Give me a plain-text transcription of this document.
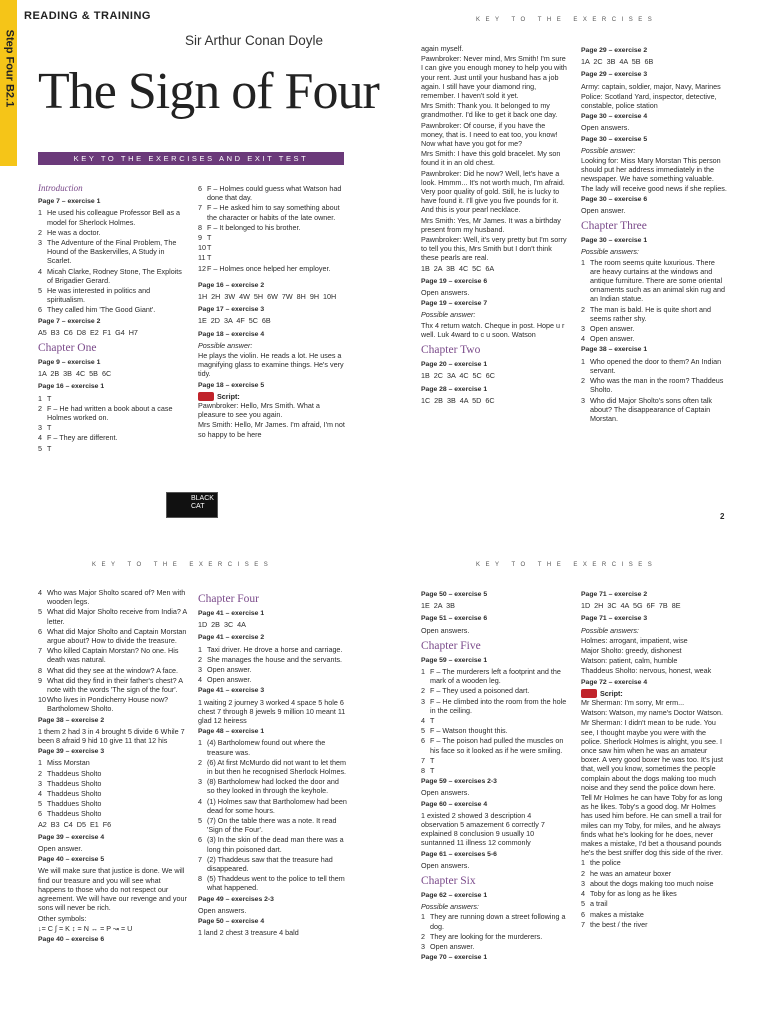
Step Four B2.1
READING & TRAINING
Sir Arthur Conan Doyle
The Sign of Four
KEY TO THE EXERCISES AND EXIT TEST
KEY TO THE EXERCISES
KEY TO THE EXERCISES	KEY TO THE EXERCISES
Introduction
Page 7 – exercise 1
1 He used his colleague Professor Bell as a model for Sherlock Holmes.
2 He was a doctor.
3 The Adventure of the Final Problem, The Hound of the Baskervilles, A Study in Scarlet.
4 Micah Clarke, Rodney Stone, The Exploits of Brigadier Gerard.
5 He was interested in politics and spiritualism.
6 They called him 'The Good Giant'.
Page 7 – exercise 2
A5 B3 C6 D8 E2 F1 G4 H7
Chapter One
Page 9 – exercise 1
1A 2B 3B 4C 5B 6C
Page 16 – exercise 1
1 T
2 F – He had written a book about a case Holmes worked on.
3 T
4 F – They are different.
5 T
6 F – Holmes could guess what Watson had done that day.
7 F – He asked him to say something about the character or habits of the late owner.
8 F – It belonged to his brother.
9 T
10 T
11 T
12 F – Holmes once helped her employer.
Page 16 – exercise 2
1H 2H 3W 4W 5H 6W 7W 8H 9H 10H
Page 17 – exercise 3
1E 2D 3A 4F 5C 6B
Page 18 – exercise 4
Possible answer:
He plays the violin. He reads a lot. He uses a magnifying glass to examine things. He's very tidy.
Page 18 – exercise 5
Script:
Pawnbroker: Hello, Mrs Smith. What a pleasure to see you again.
Mrs Smith: Hello, Mr James. I'm afraid, I'm not so happy to be here
again myself.
Pawnbroker: Never mind, Mrs Smith! I'm sure I can give you enough money to help you with your rent. Just until your husband has a job again. I still have your diamond ring, remember. I haven't sold it yet.
Mrs Smith: Thank you. It belonged to my grandmother. I'd like to get it back one day.
Pawnbroker: Of course, if you have the money, that is. I need to eat too, you know! Now what have you got for me?
Mrs Smith: I have this gold bracelet. My son found it in an old chest.
Pawnbroker: Did he now? Well, let's have a look. Hmmm... It's not worth much, I'm afraid. Very poor quality of gold. Still, he is lucky to have found it. I'll give you five pounds for it. And this is your pearl necklace.
Mrs Smith: Yes, Mr James. It was a birthday present from my husband.
Pawnbroker: Well, it's very pretty but I'm sorry to tell you this, Mrs Smith but I don't think these pearls are real.
1B 2A 3B 4C 5C 6A
Page 19 – exercise 6
Open answers.
Page 19 – exercise 7
Possible answer:
Thx 4 return watch. Cheque in post. Hope u r well. Luk 4ward to c u soon. Watson
Chapter Two
Page 20 – exercise 1
1B 2C 3A 4C 5C 6C
Page 28 – exercise 1
1C 2B 3B 4A 5D 6C
Page 29 – exercise 2
1A 2C 3B 4A 5B 6B
Page 29 – exercise 3
Army: captain, soldier, major, Navy, Marines
Police: Scotland Yard, inspector, detective, constable, police station
Page 30 – exercise 4
Open answers.
Page 30 – exercise 5
Possible answer:
Looking for: Miss Mary Morstan This person should put her address immediately in the newspaper. We have something valuable. The lady will receive good news if she replies.
Page 30 – exercise 6
Open answer.
Chapter Three
Page 30 – exercise 1
Possible answers:
1 The room seems quite luxurious. There are heavy curtains at the windows and antique furniture. There are some oriental ornaments such as an animal skin rug and an Indian statue.
2 The man is bald. He is quite short and seems rather shy.
3 Open answer.
4 Open answer.
Page 38 – exercise 1
1 Who opened the door to them? An Indian servant.
2 Who was the man in the room? Thaddeus Sholto.
3 Who did Major Sholto's sons often talk about? The disappearance of Captain Morstan.
4 Who was Major Sholto scared of? Men with wooden legs.
5 What did Major Sholto receive from India? A letter.
6 What did Major Sholto and Captain Morstan argue about? How to divide the treasure.
7 Who killed Captain Morstan? No one. His death was natural.
8 What did they see at the window? A face.
9 What did they find in their father's chest? A note with the words 'The sign of the four'.
10 Who lives in Pondicherry House now? Bartholomew Sholto.
Page 38 – exercise 2
1 them 2 had 3 in 4 brought 5 divide 6 While 7 been 8 afraid 9 hid 10 give 11 that 12 his
Page 39 – exercise 3
1 Miss Morstan
2 Thaddeus Sholto
3 Thaddeus Sholto
4 Thaddeus Sholto
5 Thaddues Sholto
6 Thaddeus Sholto
A2 B3 C4 D5 E1 F6
Page 39 – exercise 4
Open answer.
Page 40 – exercise 5
We will make sure that justice is done. We will find our treasure and you will see what happens to those who do not respect our agreement. We will have our revenge and your sons will never be rich.
Other symbols:
↓= C ∫ = K ↕ = N ↔ = P ↝ = U
Page 40 – exercise 6
Chapter Four
Page 41 – exercise 1
1D 2B 3C 4A
Page 41 – exercise 2
1 Taxi driver. He drove a horse and carriage.
2 She manages the house and the servants.
3 Open answer.
4 Open answer.
Page 41 – exercise 3
1 waiting 2 journey 3 worked 4 space 5 hole 6 chest 7 through 8 jewels 9 million 10 meant 11 glad 12 heiress
Page 48 – exercise 1
1 (4) Bartholomew found out where the treasure was.
2 (6) At first McMurdo did not want to let them in but then he recognised Sherlock Holmes.
3 (8) Bartholomew had locked the door and so they looked in through the keyhole.
4 (1) Holmes saw that Bartholomew had been dead for some hours.
5 (7) On the table there was a note. It read 'Sign of the Four'.
6 (3) In the skin of the dead man there was a long thin poisoned dart.
7 (2) Thaddeus saw that the treasure had disappeared.
8 (5) Thaddeus went to the police to tell them what happened.
Page 49 – exercises 2-3
Open answers.
Page 50 – exercise 4
1 land 2 chest 3 treasure 4 bald
Page 50 – exercise 5
1E 2A 3B
Page 51 – exercise 6
Open answers.
Chapter Five
Page 59 – exercise 1
1 F – The murderers left a footprint and the mark of a wooden leg.
2 F – They used a poisoned dart.
3 F – He climbed into the room from the hole in the ceiling.
4 T
5 F – Watson thought this.
6 F – The poison had pulled the muscles on his face so it looked as if he were smiling.
7 T
8 T
Page 59 – exercises 2-3
Open answers.
Page 60 – exercise 4
1 existed 2 showed 3 description 4 observation 5 amazement 6 correctly 7 explained 8 conclusion 9 usually 10 suntanned 11 illness 12 commonly
Page 61 – exercises 5-6
Open answers.
Chapter Six
Page 62 – exercise 1
Possible answers:
1 They are running down a street following a dog.
2 They are looking for the murderers.
3 Open answer.
Page 70 – exercise 1
Page 71 – exercise 2
1D 2H 3C 4A 5G 6F 7B 8E
Page 71 – exercise 3
Possible answers:
Holmes: arrogant, impatient, wise
Major Sholto: greedy, dishonest
Watson: patient, calm, humble
Thaddeus Sholto: nervous, honest, weak
Page 72 – exercise 4
Script:
Mr Sherman: I'm sorry, Mr erm...
Watson: Watson, my name's Doctor Watson.
Mr Sherman: I didn't mean to be rude. You see, I thought maybe you were with the police. Sherlock Holmes is alright, you see. I once saw him when he was an amateur boxer. A very good boxer he was too. It's just that, well you know, sometimes the people complain about the dogs making too much noise and they send the police down here.
Tell Mr Holmes he can have Toby for as long as he likes. Toby's a good dog. Mr Holmes has used him before. He can smell a trail for miles can my Toby, for miles, and he always finds what he's looking for he does, never makes a mistake, I'd bet a thousand pounds he's the best sniffer dog this side of the river.
1 the police
2 he was an amateur boxer
3 about the dogs making too much noise
4 Toby for as long as he likes
5 a trail
6 makes a mistake
7 the best / the river
BLACK
CAT
2
